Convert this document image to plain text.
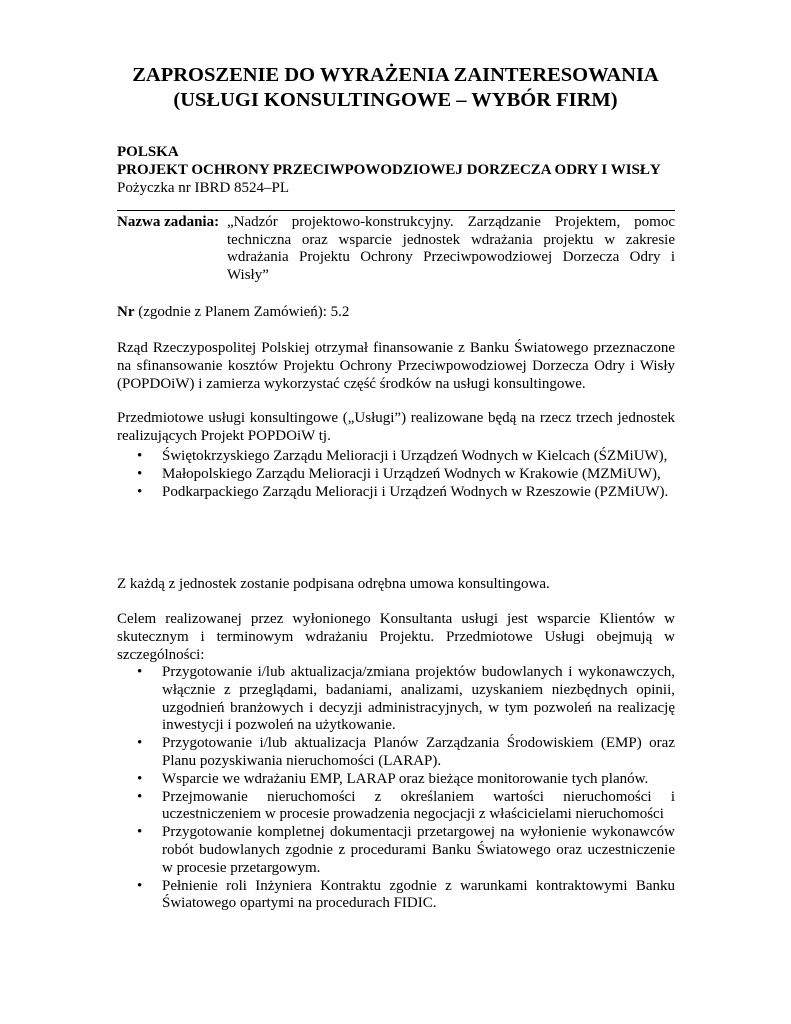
ZAPROSZENIE DO WYRAŻENIA ZAINTERESOWANIA
(USŁUGI KONSULTINGOWE – WYBÓR FIRM)
POLSKA
PROJEKT OCHRONY PRZECIWPOWODZIOWEJ DORZECZA ODRY I WISŁY
Pożyczka nr IBRD 8524–PL
Nazwa zadania: „Nadzór projektowo-konstrukcyjny. Zarządzanie Projektem, pomoc techniczna oraz wsparcie jednostek wdrażania projektu w zakresie wdrażania Projektu Ochrony Przeciwpowodziowej Dorzecza Odry i Wisły”
Nr (zgodnie z Planem Zamówień): 5.2
Rząd Rzeczypospolitej Polskiej otrzymał finansowanie z Banku Światowego przeznaczone na sfinansowanie kosztów Projektu Ochrony Przeciwpowodziowej Dorzecza Odry i Wisły (POPDOiW) i zamierza wykorzystać część środków na usługi konsultingowe.
Przedmiotowe usługi konsultingowe („Usługi”) realizowane będą na rzecz trzech jednostek realizujących Projekt POPDOiW tj.
• Świętokrzyskiego Zarządu Melioracji i Urządzeń Wodnych w Kielcach (ŚZMiUW),
• Małopolskiego Zarządu Melioracji i Urządzeń Wodnych w Krakowie (MZMiUW),
• Podkarpackiego Zarządu Melioracji i Urządzeń Wodnych w Rzeszowie (PZMiUW).
Z każdą z jednostek zostanie podpisana odrębna umowa konsultingowa.
Celem realizowanej przez wyłonionego Konsultanta usługi jest wsparcie Klientów w skutecznym i terminowym wdrażaniu Projektu. Przedmiotowe Usługi obejmują w szczególności:
• Przygotowanie i/lub aktualizacja/zmiana projektów budowlanych i wykonawczych, włącznie z przeglądami, badaniami, analizami, uzyskaniem niezbędnych opinii, uzgodnień branżowych i decyzji administracyjnych, w tym pozwoleń na realizację inwestycji i pozwoleń na użytkowanie.
• Przygotowanie i/lub aktualizacja Planów Zarządzania Środowiskiem (EMP) oraz Planu pozyskiwania nieruchomości (LARAP).
• Wsparcie we wdrażaniu EMP, LARAP oraz bieżące monitorowanie tych planów.
• Przejmowanie nieruchomości z określaniem wartości nieruchomości i uczestniczeniem w procesie prowadzenia negocjacji z właścicielami nieruchomości
• Przygotowanie kompletnej dokumentacji przetargowej na wyłonienie wykonawców robót budowlanych zgodnie z procedurami Banku Światowego oraz uczestniczenie w procesie przetargowym.
• Pełnienie roli Inżyniera Kontraktu zgodnie z warunkami kontraktowymi Banku Światowego opartymi na procedurach FIDIC.
